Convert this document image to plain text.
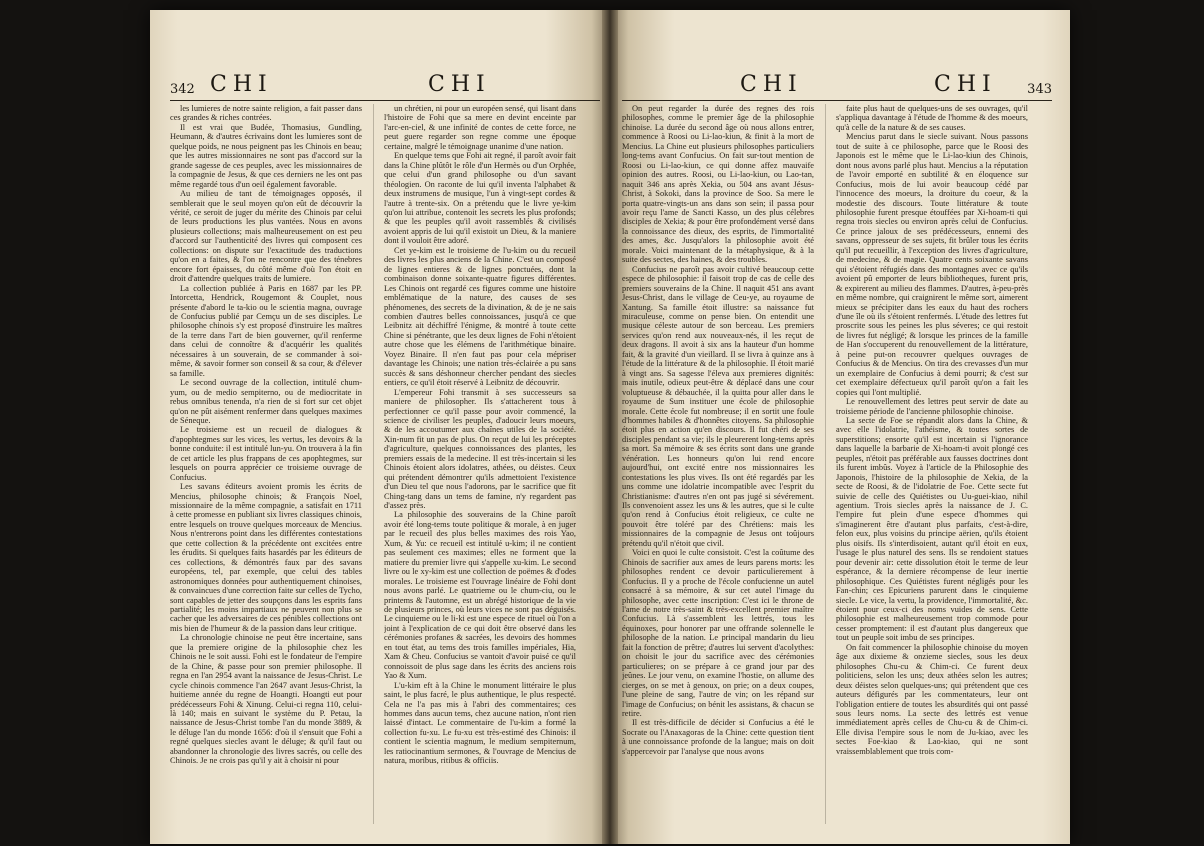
342 CHI	CHI

les lumieres de notre sainte religion, a fait passer dans ces grandes & riches contrées.

Il est vrai que Budée, Thomasius, Gundling, Heumann, & d'autres écrivains dont les lumieres sont de quelque poids, ne nous peignent pas les Chinois en beau; que les autres missionnaires ne sont pas d'accord sur la grande sagesse de ces peuples, avec les missionnaires de la compagnie de Jesus, & que ces derniers ne les ont pas même regardé tous d'un oeil également favorable.

Au milieu de tant de témoignages opposés, il semblerait que le seul moyen qu'on eût de découvrir la vérité, ce seroit de juger du mérite des Chinois par celui de leurs productions les plus vantées. Nous en avons plusieurs collections; mais malheureusement on est peu d'accord sur l'authenticité des livres qui composent ces collections: on dispute sur l'exactitude des traductions qu'on en a faites, & l'on ne rencontre que des ténebres encore fort épaisses, du côté même d'où l'on étoit en droit d'attendre quelques traits de lumiere.

La collection publiée à Paris en 1687 par les PP. Intorcetta, Hendrick, Rougemont & Couplet, nous présente d'abord le ta-kio ou le scientia magna, ouvrage de Confucius publié par Cemçu un de ses disciples. Le philosophe chinois s'y est proposé d'instruire les maîtres de la terre dans l'art de bien gouverner, qu'il renferme dans celui de connoître & d'acquérir les qualités nécessaires à un souverain, de se commander à soi-même, & savoir former son conseil & sa cour, & d'élever sa famille.

Le second ouvrage de la collection, intitulé chum-yum, ou de medio sempiterno, ou de mediocritate in rebus omnibus tenenda, n'a rien de si fort sur cet objet qu'on ne pût aisément renfermer dans quelques maximes de Séneque.

Le troisieme est un recueil de dialogues & d'apophtegmes sur les vices, les vertus, les devoirs & la bonne conduite: il est intitulé lun-yu. On trouvera à la fin de cet article les plus frappans de ces apophtegmes, sur lesquels on pourra apprécier ce troisieme ouvrage de Confucius.

Les savans éditeurs avoient promis les écrits de Mencius, philosophe chinois; & François Noel, missionnaire de la même compagnie, a satisfait en 1711 à cette promesse en publiant six livres classiques chinois, entre lesquels on trouve quelques morceaux de Mencius. Nous n'entrerons point dans les différentes contestations que cette collection & la précédente ont excitées entre les érudits. Si quelques faits hasardés par les éditeurs de ces collections, & démontrés faux par des savans européens, tel, par exemple, que celui des tables astronomiques données pour authentiquement chinoises, & convaincues d'une correction faite sur celles de Tycho, sont capables de jetter des soupçons dans les esprits fans partialité; les moins impartiaux ne peuvent non plus se cacher que les adversaires de ces pénibles collections ont mis bien de l'humeur & de la passion dans leur critique.

La chronologie chinoise ne peut être incertaine, sans que la premiere origine de la philosophie chez les Chinois ne le soit aussi. Fohi est le fondateur de l'empire de la Chine, & passe pour son premier philosophe. Il regna en l'an 2954 avant la naissance de Jesus-Christ. Le cycle chinois commence l'an 2647 avant Jesus-Christ, la huitieme année du regne de Hoangti. Hoangti eut pour prédécesseurs Fohi & Xinung. Celui-ci regna 110, celui-là 140; mais en suivant le système du P. Petau, la naissance de Jesus-Christ tombe l'an du monde 3889, & le déluge l'an du monde 1656: d'où il s'ensuit que Fohi a regné quelques siecles avant le déluge; & qu'il faut ou abandonner la chronologie des livres sacrés, ou celle des Chinois. Je ne crois pas qu'il y ait à choisir ni pour

un chrétien, ni pour un européen sensé, qui lisant dans l'histoire de Fohi que sa mere en devint enceinte par l'arc-en-ciel, & une infinité de contes de cette force, ne peut guere regarder son regne comme une époque certaine, malgré le témoignage unanime d'une nation.

En quelque tems que Fohi ait regné, il paroît avoir fait dans la Chine plûtôt le rôle d'un Hermès ou d'un Orphée, que celui d'un grand philosophe ou d'un savant théologien. On raconte de lui qu'il inventa l'alphabet & deux instrumens de musique, l'un à vingt-sept cordes & l'autre à trente-six. On a prétendu que le livre ye-kim qu'on lui attribue, contenoit les secrets les plus profonds; & que les peuples qu'il avoit rassemblés & civilisés avoient appris de lui qu'il existoit un Dieu, & la maniere dont il vouloit être adoré.

Cet ye-kim est le troisieme de l'u-kim ou du recueil des livres les plus anciens de la Chine. C'est un composé de lignes entieres & de lignes ponctuées, dont la combinaison donne soixante-quatre figures différentes. Les Chinois ont regardé ces figures comme une histoire emblématique de la nature, des causes de ses phénomenes, des secrets de la divination, & de je ne sais combien d'autres belles connoissances, jusqu'à ce que Leibnitz ait déchiffré l'énigme, & montré à toute cette Chine si pénétrante, que les deux lignes de Fohi n'étoient autre chose que les élémens de l'arithmétique binaire. Voyez Binaire. Il n'en faut pas pour cela mépriser davantage les Chinois; une nation très-éclairée a pu sans succès & sans déshonneur chercher pendant des siecles entiers, ce qu'il étoit réservé à Leibnitz de découvrir.

L'empereur Fohi transmit à ses successeurs sa maniere de philosopher. Ils s'attacherent tous à perfectionner ce qu'il passe pour avoir commencé, la science de civiliser les peuples, d'adoucir leurs moeurs, & de les accoutumer aux chaînes utiles de la société. Xin-num fit un pas de plus. On reçut de lui les préceptes d'agriculture, quelques connoissances des plantes, les premiers essais de la medecine. Il est très-incertain si les Chinois étoient alors idolatres, athées, ou déistes. Ceux qui prétendent démontrer qu'ils admettoient l'existence d'un Dieu tel que nous l'adorons, par le sacrifice que fit Ching-tang dans un tems de famine, n'y regardent pas d'assez près.

La philosophie des souverains de la Chine paroît avoir été long-tems toute politique & morale, à en juger par le recueil des plus belles maximes des rois Yao, Xum, & Yu: ce recueil est intitulé u-kim; il ne contient pas seulement ces maximes; elles ne forment que la matiere du premier livre qui s'appelle xu-kim. Le second livre ou le xy-kim est une collection de poëmes & d'odes morales. Le troisieme est l'ouvrage linéaire de Fohi dont nous avons parlé. Le quatrieme ou le chum-ciu, ou le printems & l'automne, est un abrégé historique de la vie de plusieurs princes, où leurs vices ne sont pas déguisés. Le cinquieme ou le li-ki est une espece de rituel où l'on a joint à l'explication de ce qui doit être observé dans les cérémonies profanes & sacrées, les devoirs des hommes en tout état, au tems des trois familles impériales, Hia, Xam & Cheu. Confucius se vantoit d'avoir puisé ce qu'il connoissoit de plus sage dans les écrits des anciens rois Yao & Xum.

L'u-kim eft à la Chine le monument littéraire le plus saint, le plus facré, le plus authentique, le plus respecté. Cela ne l'a pas mis à l'abri des commentaires; ces hommes dans aucun tems, chez aucune nation, n'ont rien laissé d'intact. Le commentaire de l'u-kim a formé la collection fu-xu. Le fu-xu est très-estimé des Chinois: il contient le scientia magnum, le medium sempiternum, les ratiocinantium sermones, & l'ouvrage de Mencius de natura, moribus, ritibus & officiis.

CHI	CHI 343

On peut regarder la durée des regnes des rois philosophes, comme le premier âge de la philosophie chinoise. La durée du second âge où nous allons entrer, commence à Roosi ou Li-lao-kiun, & finit à la mort de Mencius. La Chine eut plusieurs philosophes particuliers long-tems avant Confucius. On fait sur-tout mention de Roosi ou Li-lao-kiun, ce qui donne affez mauvaife opinion des autres. Roosi, ou Li-lao-kiun, ou Lao-tan, naquit 346 ans après Xekia, ou 504 ans avant Jésus-Christ, à Sokoki, dans la province de Soo. Sa mere le porta quatre-vingts-un ans dans son sein; il passa pour avoir reçu l'ame de Sancti Kasso, un des plus célebres disciples de Xekia; & pour être profondément versé dans la connoissance des dieux, des esprits, de l'immortalité des ames, &c. Jusqu'alors la philosophie avoit été morale. Voici maintenant de la métaphysique, & à la suite des sectes, des haines, & des troubles.

Confucius ne paroît pas avoir cultivé beaucoup cette espece de philosophie: il faisoit trop de cas de celle des premiers souverains de la Chine. Il naquit 451 ans avant Jesus-Christ, dans le village de Ceu-ye, au royaume de Xantung. Sa famille étoit illustre: sa naissance fut miraculeuse, comme on pense bien. On entendit une musique céleste autour de son berceau. Les premiers services qu'on rend aux nouveaux-nés, il les reçut de deux dragons. Il avoit à six ans la hauteur d'un homme fait, & la gravité d'un vieillard. Il se livra à quinze ans à l'étude de la littérature & de la philosophie. Il étoit marié à vingt ans. Sa sagesse l'éleva aux premieres dignités: mais inutile, odieux peut-être & déplacé dans une cour voluptueuse & débauchée, il la quitta pour aller dans le royaume de Sum instituer une école de philosophie morale. Cette école fut nombreuse; il en sortit une foule d'hommes habiles & d'honnêtes citoyens. Sa philosophie étoit plus en action qu'en discours. Il fut chéri de ses disciples pendant sa vie; ils le pleurerent long-tems après sa mort. Sa mémoire & ses écrits sont dans une grande vénération. Les honneurs qu'on lui rend encore aujourd'hui, ont excité entre nos missionnaires les contestations les plus vives. Ils ont été regardés par les uns comme une idolatrie incompatible avec l'esprit du Christianisme: d'autres n'en ont pas jugé si sévérement. Ils convenoient assez les uns & les autres, que si le culte qu'on rend à Confucius étoit religieux, ce culte ne pouvoit être toléré par des Chrétiens: mais les missionnaires de la compagnie de Jesus ont toûjours prétendu qu'il n'étoit que civil.

Voici en quoi le culte consistoit. C'est la coûtume des Chinois de sacrifier aux ames de leurs parens morts: les philosophes rendent ce devoir particulierement à Confucius. Il y a proche de l'école confucienne un autel consacré à sa mémoire, & sur cet autel l'image du philosophe, avec cette inscription: C'est ici le throne de l'ame de notre très-saint & très-excellent premier maître Confucius. Là s'assemblent les lettrés, tous les équinoxes, pour honorer par une offrande solennelle le philosophe de la nation. Le principal mandarin du lieu fait la fonction de prêtre; d'autres lui servent d'acolythes: on choisit le jour du sacrifice avec des cérémonies particulieres; on se prépare à ce grand jour par des jeûnes. Le jour venu, on examine l'hostie, on allume des cierges, on se met à genoux, on prie; on a deux coupes, l'une pleine de sang, l'autre de vin; on les répand sur l'image de Confucius; on bénit les assistans, & chacun se retire.

Il est très-difficile de décider si Confucius a été le Socrate ou l'Anaxagoras de la Chine: cette question tient à une connoissance profonde de la langue; mais on doit s'appercevoir par l'analyse que nous avons

faite plus haut de quelques-uns de ses ouvrages, qu'il s'appliqua davantage à l'étude de l'homme & des moeurs, qu'à celle de la nature & de ses causes.

Mencius parut dans le siecle suivant. Nous passons tout de suite à ce philosophe, parce que le Roosi des Japonois est le même que le Li-lao-kiun des Chinois, dont nous avons parlé plus haut. Mencius a la réputation de l'avoir emporté en subtilité & en éloquence sur Confucius, mois de lui avoir beaucoup cédé par l'innocence des moeurs, la droiture du coeur, & la modestie des discours. Toute littérature & toute philosophie furent presque étouffées par Xi-hoam-ti qui regna trois siecles ou environ après celui de Confucius. Ce prince jaloux de ses prédécesseurs, ennemi des savans, oppresseur de ses sujets, fit brûler tous les écrits qu'il put recueillir, à l'exception des livres d'agriculture, de medecine, & de magie. Quatre cents soixante savans qui s'étoient réfugiés dans des montagnes avec ce qu'ils avoient pû emporter de leurs bibliotheques, furent pris, & expirerent au milieu des flammes. D'autres, à-peu-près en même nombre, qui craignirent le même sort, aimerent mieux se précipiter dans les eaux du haut des rochers d'une île où ils s'étoient renfermés. L'étude des lettres fut proscrite sous les peines les plus séveres; ce qui restoit de livres fut négligé; & lorsque les princes de la famille de Han s'occuperent du renouvellement de la littérature, à peine put-on recouvrer quelques ouvrages de Confucius & de Mencius. On tira des crevasses d'un mur un exemplaire de Confucius à demi pourri; & c'est sur cet exemplaire défectueux qu'il paroît qu'on a fait les copies qui l'ont multiplié.

Le renouvellement des lettres peut servir de date au troisieme période de l'ancienne philosophie chinoise.

La secte de Foe se répandit alors dans la Chine, & avec elle l'idolatrie, l'athéisme, & toutes sortes de superstitions; ensorte qu'il est incertain si l'ignorance dans laquelle la barbarie de Xi-hoam-ti avoit plongé ces peuples, n'étoit pas préférable aux fausses doctrines dont ils furent imbûs. Voyez à l'article de la Philosophie des Japonois, l'histoire de la philosophie de Xekia, de la secte de Roosi, & de l'idolatrie de Foe. Cette secte fut suivie de celle des Quiétistes ou Uu-guei-kiao, nihil agentium. Trois siecles après la naissance de J. C. l'empire fut plein d'une espece d'hommes qui s'imaginerent être d'autant plus parfaits, c'est-à-dire, felon eux, plus voisins du principe aërien, qu'ils étoient plus oisifs. Ils s'interdisoient, autant qu'il étoit en eux, l'usage le plus naturel des sens. Ils se rendoient statues pour devenir air: cette dissolution étoit le terme de leur espérance, & la derniere récompense de leur inertie philosophique. Ces Quiétistes furent négligés pour les Fan-chin; ces Epicuriens parurent dans le cinquieme siecle. Le vice, la vertu, la providence, l'immortalité, &c. étoient pour ceux-ci des noms vuides de sens. Cette philosophie est malheureusement trop commode pour cesser promptement: il est d'autant plus dangereux que tout un peuple soit imbu de ses principes.

On fait commencer la philosophie chinoise du moyen âge aux dixieme & onzieme siecles, sous les deux philosophes Chu-cu & Chim-ci. Ce furent deux politiciens, selon les uns; deux athées selon les autres; deux déistes selon quelques-uns; qui prétendent que ces auteurs défigurés par les commentateurs, leur ont l'obligation entiere de toutes les absurdités qui ont passé sous leurs noms. La secte des lettrés est venue immédiatement après celles de Chu-cu & de Chim-ci. Elle divisa l'empire sous le nom de Ju-kiao, avec les sectes Foe-kiao & Lao-kiao, qui ne sont vraissemblablement que trois com-
